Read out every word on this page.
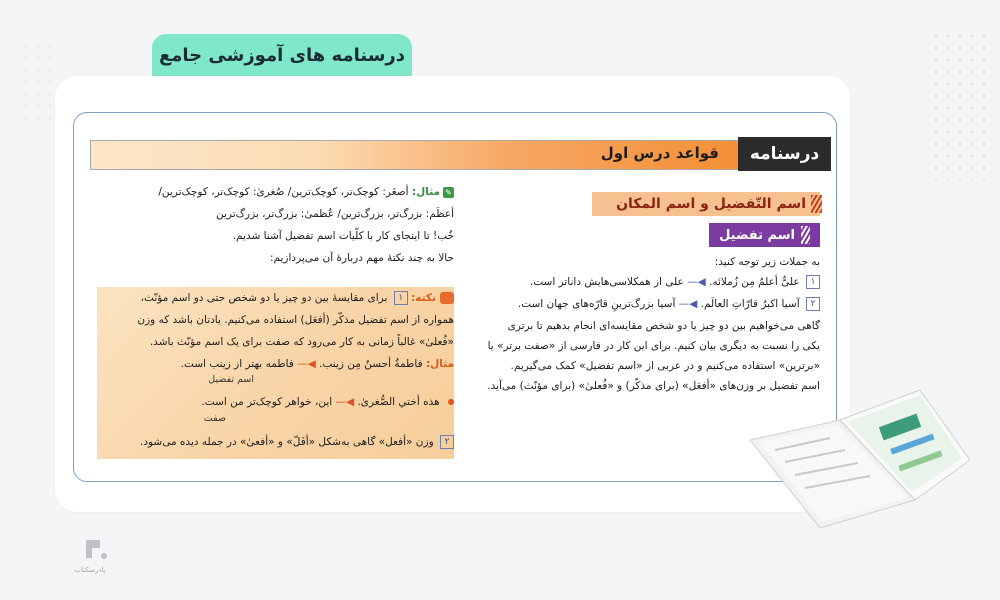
درسنامه های آموزشی جامع
قواعد درس اول	درسنامه
اسم التّفضیل و اسم المکان
اسم تفضیل
به جملات زیر توجه کنید:
۱ علیٌّ أعلمُ مِن زُملائه. ◀— علی از همکلاسی‌هایش داناتر است.
۲ آسیا اکبرُ قارّاتِ العالَم. ◀— آسیا بزرگ‌ترینِ قارّه‌های جهان است.
گاهی می‌خواهیم بین دو چیز یا دو شخص مقایسه‌ای انجام بدهیم تا برتری
یکی را نسبت به دیگری بیان کنیم. برای این کار در فارسی از «صفت برتر» یا
«برترین» استفاده می‌کنیم و در عربی از «اسم تفضیل» کمک می‌گیریم.
اسم تفضیل بر وزن‌های «أفعَل» (برای مذکّر) و «فُعلیٰ» (برای مؤنّث) می‌آید.
✎مثال: أصغَر: کوچک‌تر، کوچک‌ترین/ صُغریٰ: کوچک‌تر، کوچک‌ترین/
أعظَم: بزرگ‌تر، بزرگ‌ترین/ عُظمیٰ: بزرگ‌تر، بزرگ‌ترین
خُب! تا اینجای کار با کلّیات اسم تفضیل آشنا شدیم.
حالا به چند نکتهٔ مهم دربارهٔ آن می‌پردازیم:
نکته: ۱ برای مقایسهٔ بین دو چیز یا دو شخص حتی دو اسم مؤنّث،
همواره از اسم تفضیل مذکّر (أفعَل) استفاده می‌کنیم. یادتان باشد که وزن
«فُعلیٰ» غالباً زمانی به کار می‌رود که صفت برای یک اسم مؤنّث باشد.
مثال: فاطمةُ أحسنُ مِن زینب. ◀— فاطمه بهتر از زینب است.
اسم تفضیل
هذه أختي الصُّغریٰ. ◀— این، خواهر کوچک‌تر من است.
صفت
۲ وزن «أفعل» گاهی به‌شکل «أفَلّ» و «أفعیٰ» در جمله دیده می‌شود.
پادرسکتاب
